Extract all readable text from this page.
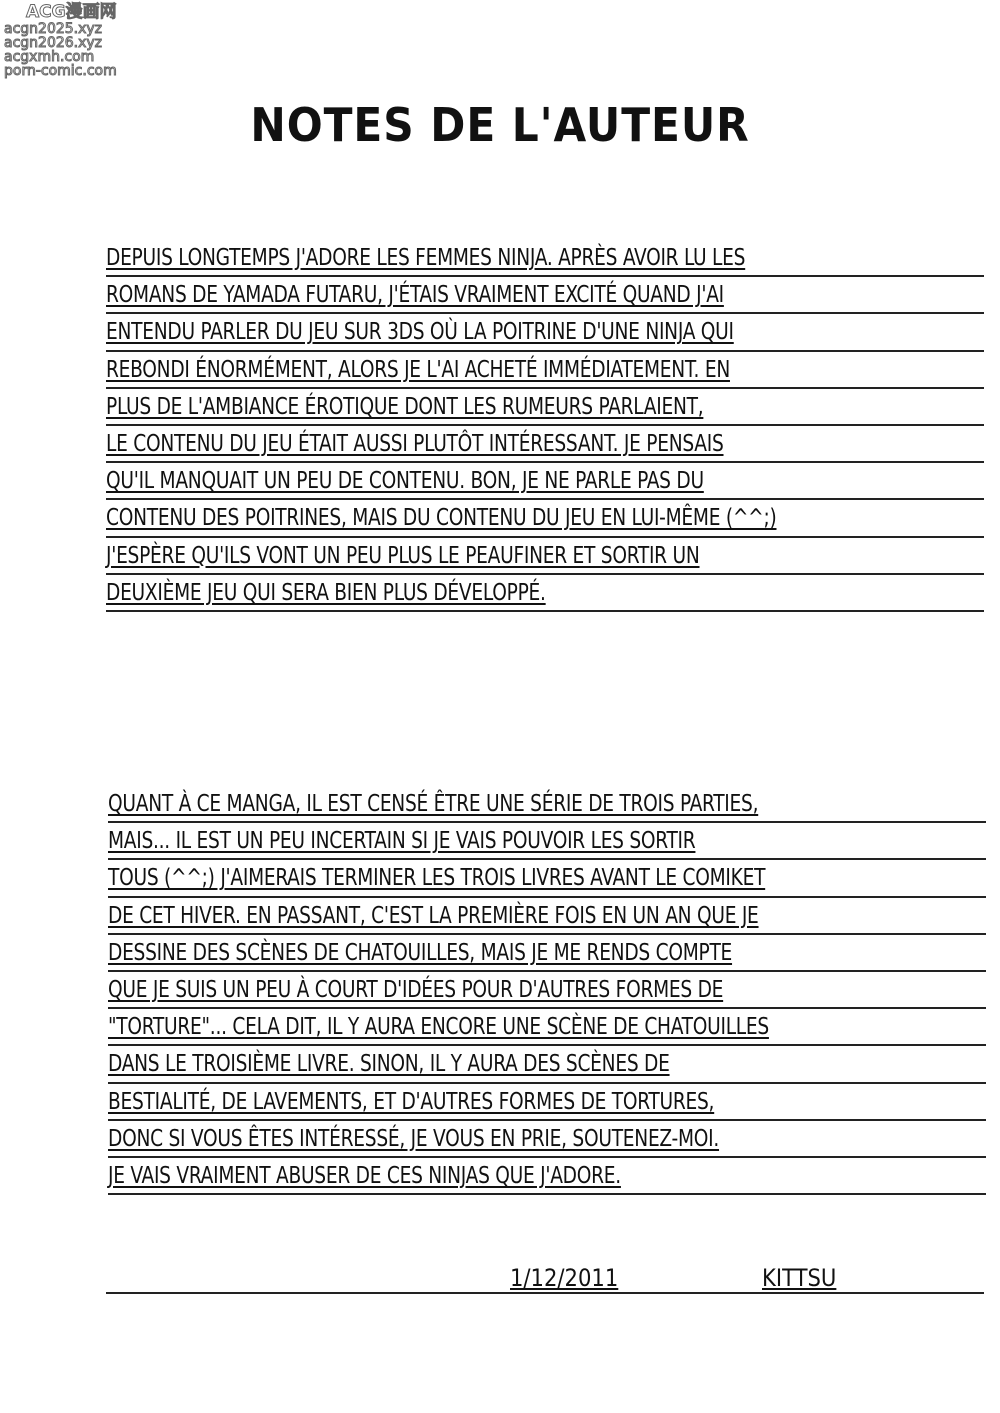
ACG漫画网
acgn2025.xyz
acgn2026.xyz
acgxmh.com
porn-comic.com
NOTES DE L'AUTEUR
DEPUIS LONGTEMPS J'ADORE LES FEMMES NINJA. APRÈS AVOIR LU LES
ROMANS DE YAMADA FUTARU, J'ÉTAIS VRAIMENT EXCITÉ QUAND J'AI
ENTENDU PARLER DU JEU SUR 3DS OÙ LA POITRINE D'UNE NINJA QUI
REBONDI ÉNORMÉMENT, ALORS JE L'AI ACHETÉ IMMÉDIATEMENT. EN
PLUS DE L'AMBIANCE ÉROTIQUE DONT LES RUMEURS PARLAIENT,
LE CONTENU DU JEU ÉTAIT AUSSI PLUTÔT INTÉRESSANT. JE PENSAIS
QU'IL MANQUAIT UN PEU DE CONTENU. BON, JE NE PARLE PAS DU
CONTENU DES POITRINES, MAIS DU CONTENU DU JEU EN LUI-MÊME (^^;)
J'ESPÈRE QU'ILS VONT UN PEU PLUS LE PEAUFINER ET SORTIR UN
DEUXIÈME JEU QUI SERA BIEN PLUS DÉVELOPPÉ.
QUANT À CE MANGA, IL EST CENSÉ ÊTRE UNE SÉRIE DE TROIS PARTIES,
MAIS... IL EST UN PEU INCERTAIN SI JE VAIS POUVOIR LES SORTIR
TOUS (^^;) J'AIMERAIS TERMINER LES TROIS LIVRES AVANT LE COMIKET
DE CET HIVER. EN PASSANT, C'EST LA PREMIÈRE FOIS EN UN AN QUE JE
DESSINE DES SCÈNES DE CHATOUILLES, MAIS JE ME RENDS COMPTE
QUE JE SUIS UN PEU À COURT D'IDÉES POUR D'AUTRES FORMES DE
"TORTURE"... CELA DIT, IL Y AURA ENCORE UNE SCÈNE DE CHATOUILLES
DANS LE TROISIÈME LIVRE. SINON, IL Y AURA DES SCÈNES DE
BESTIALITÉ, DE LAVEMENTS, ET D'AUTRES FORMES DE TORTURES,
DONC SI VOUS ÊTES INTÉRESSÉ, JE VOUS EN PRIE, SOUTENEZ-MOI.
JE VAIS VRAIMENT ABUSER DE CES NINJAS QUE J'ADORE.
1/12/2011	KITTSU
